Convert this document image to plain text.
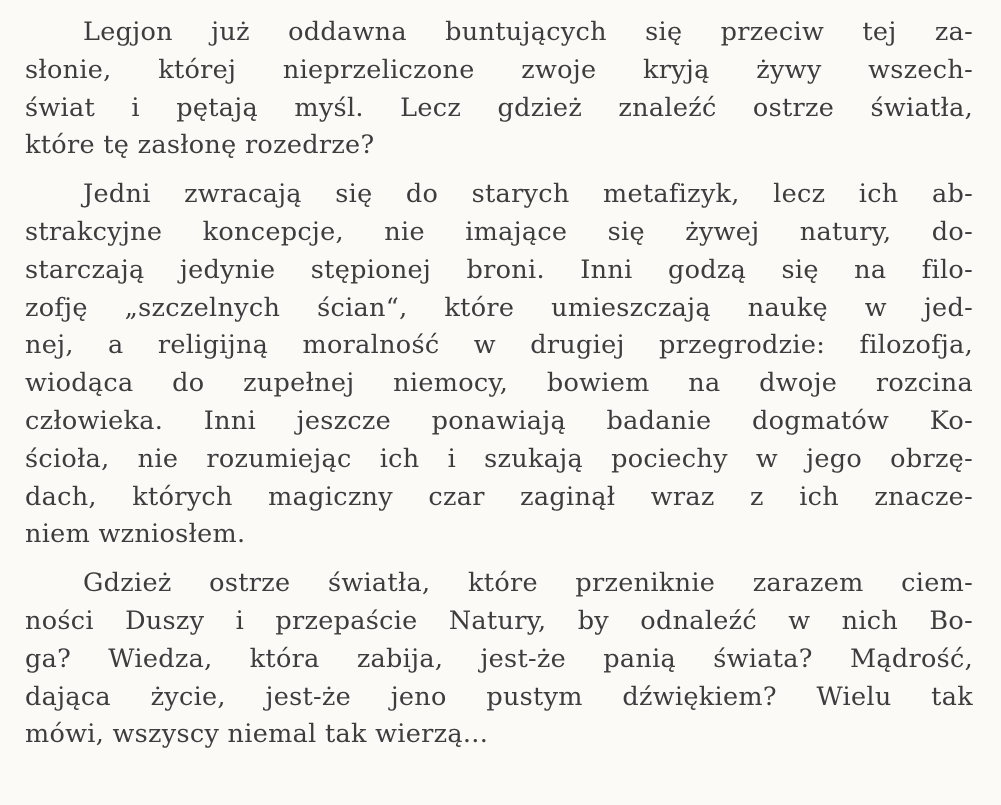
Legjon już oddawna buntujących się przeciw tej za-
słonie, której nieprzeliczone zwoje kryją żywy wszech-
świat i pętają myśl. Lecz gdzież znaleźć ostrze światła,
które tę zasłonę rozedrze?
Jedni zwracają się do starych metafizyk, lecz ich ab-
strakcyjne koncepcje, nie imające się żywej natury, do-
starczają jedynie stępionej broni. Inni godzą się na filo-
zofję „szczelnych ścian“, które umieszczają naukę w jed-
nej, a religijną moralność w drugiej przegrodzie: filozofja,
wiodąca do zupełnej niemocy, bowiem na dwoje rozcina
człowieka. Inni jeszcze ponawiają badanie dogmatów Ko-
ścioła, nie rozumiejąc ich i szukają pociechy w jego obrzę-
dach, których magiczny czar zaginął wraz z ich znacze-
niem wzniosłem.
Gdzież ostrze światła, które przeniknie zarazem ciem-
ności Duszy i przepaście Natury, by odnaleźć w nich Bo-
ga? Wiedza, która zabija, jest-że panią świata? Mądrość,
dająca życie, jest-że jeno pustym dźwiękiem? Wielu tak
mówi, wszyscy niemal tak wierzą...
